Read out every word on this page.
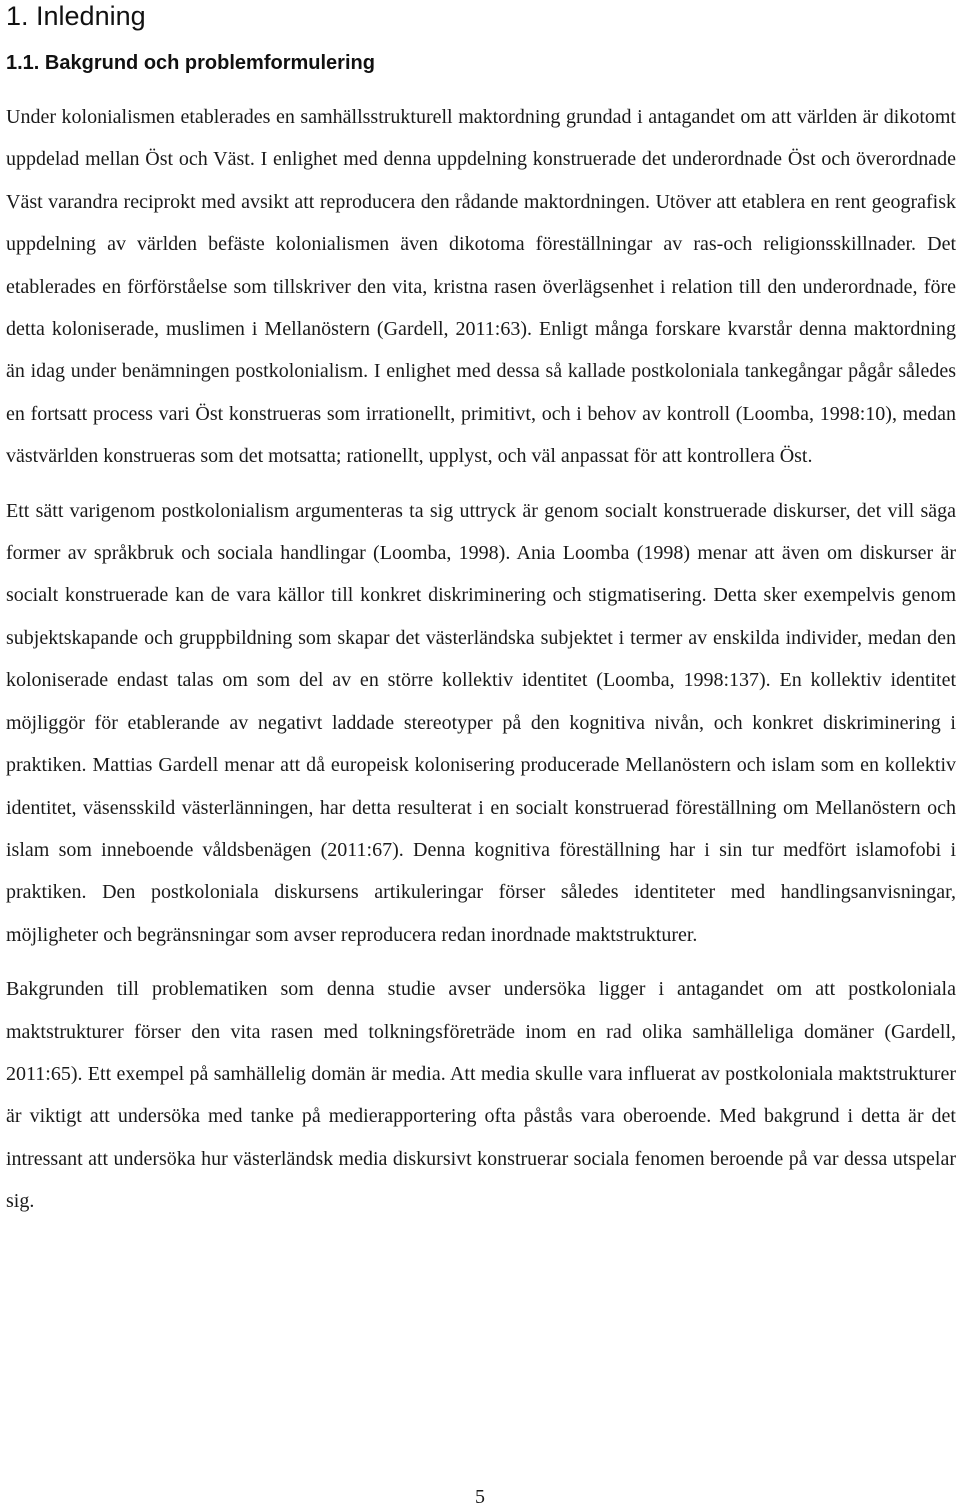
1. Inledning
1.1. Bakgrund och problemformulering

Under kolonialismen etablerades en samhällsstrukturell maktordning grundad i antagandet om att världen är dikotomt uppdelad mellan Öst och Väst. I enlighet med denna uppdelning konstruerade det underordnade Öst och överordnade Väst varandra reciprokt med avsikt att reproducera den rådande maktordningen. Utöver att etablera en rent geografisk uppdelning av världen befäste kolonialismen även dikotoma föreställningar av ras-och religionsskillnader. Det etablerades en förförståelse som tillskriver den vita, kristna rasen överlägsenhet i relation till den underordnade, före detta koloniserade, muslimen i Mellanöstern (Gardell, 2011:63). Enligt många forskare kvarstår denna maktordning än idag under benämningen postkolonialism. I enlighet med dessa så kallade postkoloniala tankegångar pågår således en fortsatt process vari Öst konstrueras som irrationellt, primitivt, och i behov av kontroll (Loomba, 1998:10), medan västvärlden konstrueras som det motsatta; rationellt, upplyst, och väl anpassat för att kontrollera Öst.

Ett sätt varigenom postkolonialism argumenteras ta sig uttryck är genom socialt konstruerade diskurser, det vill säga former av språkbruk och sociala handlingar (Loomba, 1998). Ania Loomba (1998) menar att även om diskurser är socialt konstruerade kan de vara källor till konkret diskriminering och stigmatisering. Detta sker exempelvis genom subjektskapande och gruppbildning som skapar det västerländska subjektet i termer av enskilda individer, medan den koloniserade endast talas om som del av en större kollektiv identitet (Loomba, 1998:137). En kollektiv identitet möjliggör för etablerande av negativt laddade stereotyper på den kognitiva nivån, och konkret diskriminering i praktiken. Mattias Gardell menar att då europeisk kolonisering producerade Mellanöstern och islam som en kollektiv identitet, väsensskild västerlänningen, har detta resulterat i en socialt konstruerad föreställning om Mellanöstern och islam som inneboende våldsbenägen (2011:67). Denna kognitiva föreställning har i sin tur medfört islamofobi i praktiken. Den postkoloniala diskursens artikuleringar förser således identiteter med handlingsanvisningar, möjligheter och begränsningar som avser reproducera redan inordnade maktstrukturer.

Bakgrunden till problematiken som denna studie avser undersöka ligger i antagandet om att postkoloniala maktstrukturer förser den vita rasen med tolkningsföreträde inom en rad olika samhälleliga domäner (Gardell, 2011:65). Ett exempel på samhällelig domän är media. Att media skulle vara influerat av postkoloniala maktstrukturer är viktigt att undersöka med tanke på medierapportering ofta påstås vara oberoende. Med bakgrund i detta är det intressant att undersöka hur västerländsk media diskursivt konstruerar sociala fenomen beroende på var dessa utspelar sig.

5
